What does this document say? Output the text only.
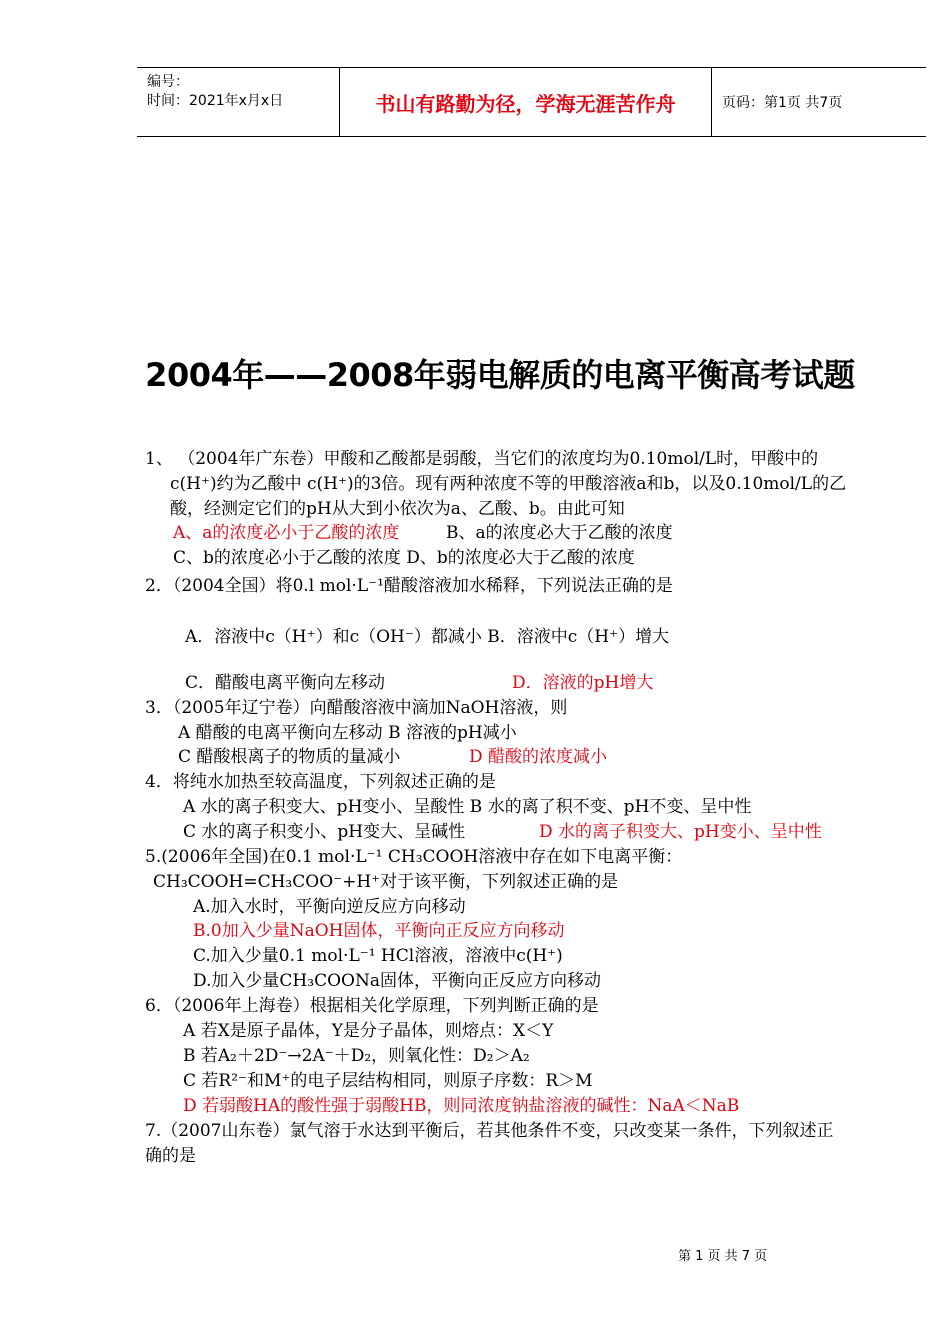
编号：
时间：2021年x月x日	书山有路勤为径，学海无涯苦作舟	页码：第1页 共7页
2004年——2008年弱电解质的电离平衡高考试题
1、 （2004年广东卷）甲酸和乙酸都是弱酸，当它们的浓度均为0.10mol/L时，甲酸中的
c(H⁺)约为乙酸中 c(H⁺)的3倍。现有两种浓度不等的甲酸溶液a和b，以及0.10mol/L的乙
酸，经测定它们的pH从大到小依次为a、乙酸、b。由此可知
A、a的浓度必小于乙酸的浓度	B、a的浓度必大于乙酸的浓度
C、b的浓度必小于乙酸的浓度 D、b的浓度必大于乙酸的浓度
2．（2004全国）将0.l mol·L⁻¹醋酸溶液加水稀释，下列说法正确的是
A．溶液中c（H⁺）和c（OH⁻）都减小 B．溶液中c（H⁺）增大
C．醋酸电离平衡向左移动	D．溶液的pH增大
3．（2005年辽宁卷）向醋酸溶液中滴加NaOH溶液，则
A 醋酸的电离平衡向左移动 B 溶液的pH减小
C 醋酸根离子的物质的量减小	D 醋酸的浓度减小
4．将纯水加热至较高温度，下列叙述正确的是
A 水的离子积变大、pH变小、呈酸性 B 水的离了积不变、pH不变、呈中性
C 水的离子积变小、pH变大、呈碱性	D 水的离子积变大、pH变小、呈中性
5.(2006年全国)在0.1 mol·L⁻¹ CH₃COOH溶液中存在如下电离平衡：
CH₃COOH=CH₃COO⁻+H⁺对于该平衡，下列叙述正确的是
A.加入水时，平衡向逆反应方向移动
B.0加入少量NaOH固体，平衡向正反应方向移动
C.加入少量0.1 mol·L⁻¹ HCl溶液，溶液中c(H⁺)
D.加入少量CH₃COONa固体，平衡向正反应方向移动
6．（2006年上海卷）根据相关化学原理，下列判断正确的是
A 若X是原子晶体，Y是分子晶体，则熔点：X＜Y
B 若A₂＋2D⁻→2A⁻＋D₂，则氧化性：D₂＞A₂
C 若R²⁻和M⁺的电子层结构相同，则原子序数：R＞M
D 若弱酸HA的酸性强于弱酸HB，则同浓度钠盐溶液的碱性：NaA＜NaB
7.（2007山东卷）氯气溶于水达到平衡后，若其他条件不变，只改变某一条件，下列叙述正
确的是
第 1 页 共 7 页
